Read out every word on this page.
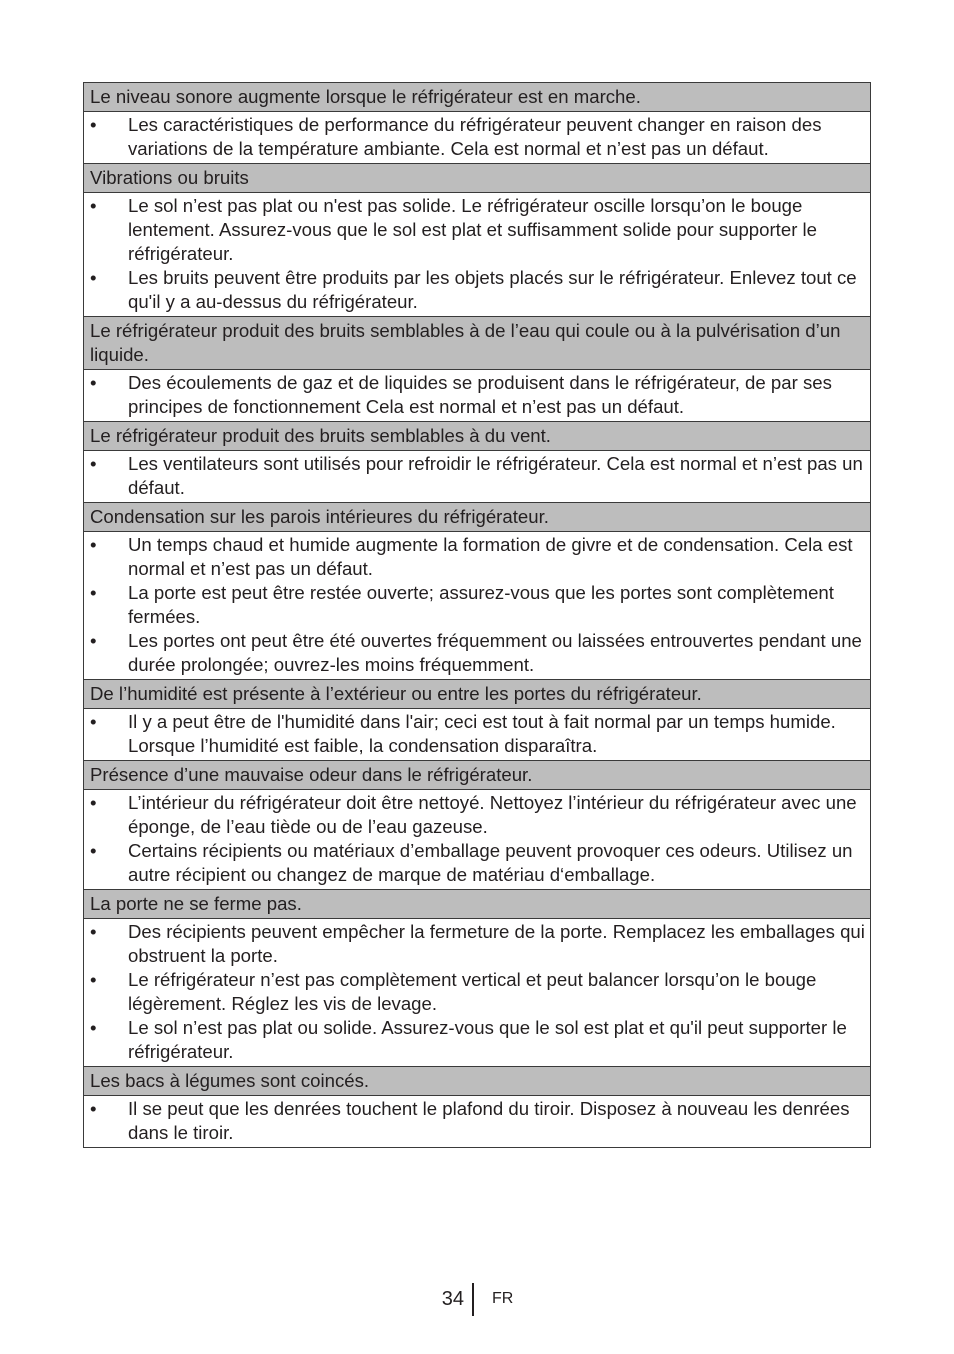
Le niveau sonore augmente lorsque le réfrigérateur est en marche.
•	Les caractéristiques de performance du réfrigérateur peuvent changer en raison des variations de la température ambiante. Cela est normal et n’est pas un défaut.
Vibrations ou bruits
•	Le sol n’est pas plat ou n'est pas solide. Le réfrigérateur oscille lorsqu’on le bouge lentement. Assurez-vous que le sol est plat et suffisamment solide pour supporter le réfrigérateur.
•	Les bruits peuvent être produits par les objets placés sur le réfrigérateur. Enlevez tout ce qu'il y a au-dessus du réfrigérateur.
Le réfrigérateur produit des bruits semblables à de l’eau qui coule ou à la pulvérisation d’un liquide.
•	Des écoulements de gaz et de liquides se produisent dans le réfrigérateur, de par ses principes de fonctionnement Cela est normal et n’est pas un défaut.
Le réfrigérateur produit des bruits semblables à du vent.
•	Les ventilateurs sont utilisés pour refroidir le réfrigérateur. Cela est normal et n’est pas un défaut.
Condensation sur les parois intérieures du réfrigérateur.
•	Un temps chaud et humide augmente la formation de givre et de condensation. Cela est normal et n’est pas un défaut.
•	La porte est peut être restée ouverte; assurez-vous que les portes sont complètement fermées.
•	Les portes ont peut être été ouvertes fréquemment ou laissées entrouvertes pendant une durée prolongée; ouvrez-les moins fréquemment.
De l’humidité est présente à l’extérieur ou entre les portes du réfrigérateur.
•	Il y a peut être de l'humidité dans l'air; ceci est tout à fait normal par un temps humide. Lorsque l’humidité est faible, la condensation disparaîtra.
Présence d’une mauvaise odeur dans le réfrigérateur.
•	L’intérieur du réfrigérateur doit être nettoyé. Nettoyez l’intérieur du réfrigérateur avec une éponge, de l’eau tiède ou de l’eau gazeuse.
•	Certains récipients ou matériaux d’emballage peuvent provoquer ces odeurs. Utilisez un autre récipient ou changez de marque de matériau d‘emballage.
La porte ne se ferme pas.
•	Des récipients peuvent empêcher la fermeture de la porte. Remplacez les emballages qui obstruent la porte.
•	Le réfrigérateur n’est pas complètement vertical et peut balancer lorsqu’on le bouge légèrement. Réglez les vis de levage.
•	Le sol n’est pas plat ou solide. Assurez-vous que le sol est plat et qu'il peut supporter le réfrigérateur.
Les bacs à légumes sont coincés.
•	Il se peut que les denrées touchent le plafond du tiroir. Disposez à nouveau les denrées dans le tiroir.
34 FR
